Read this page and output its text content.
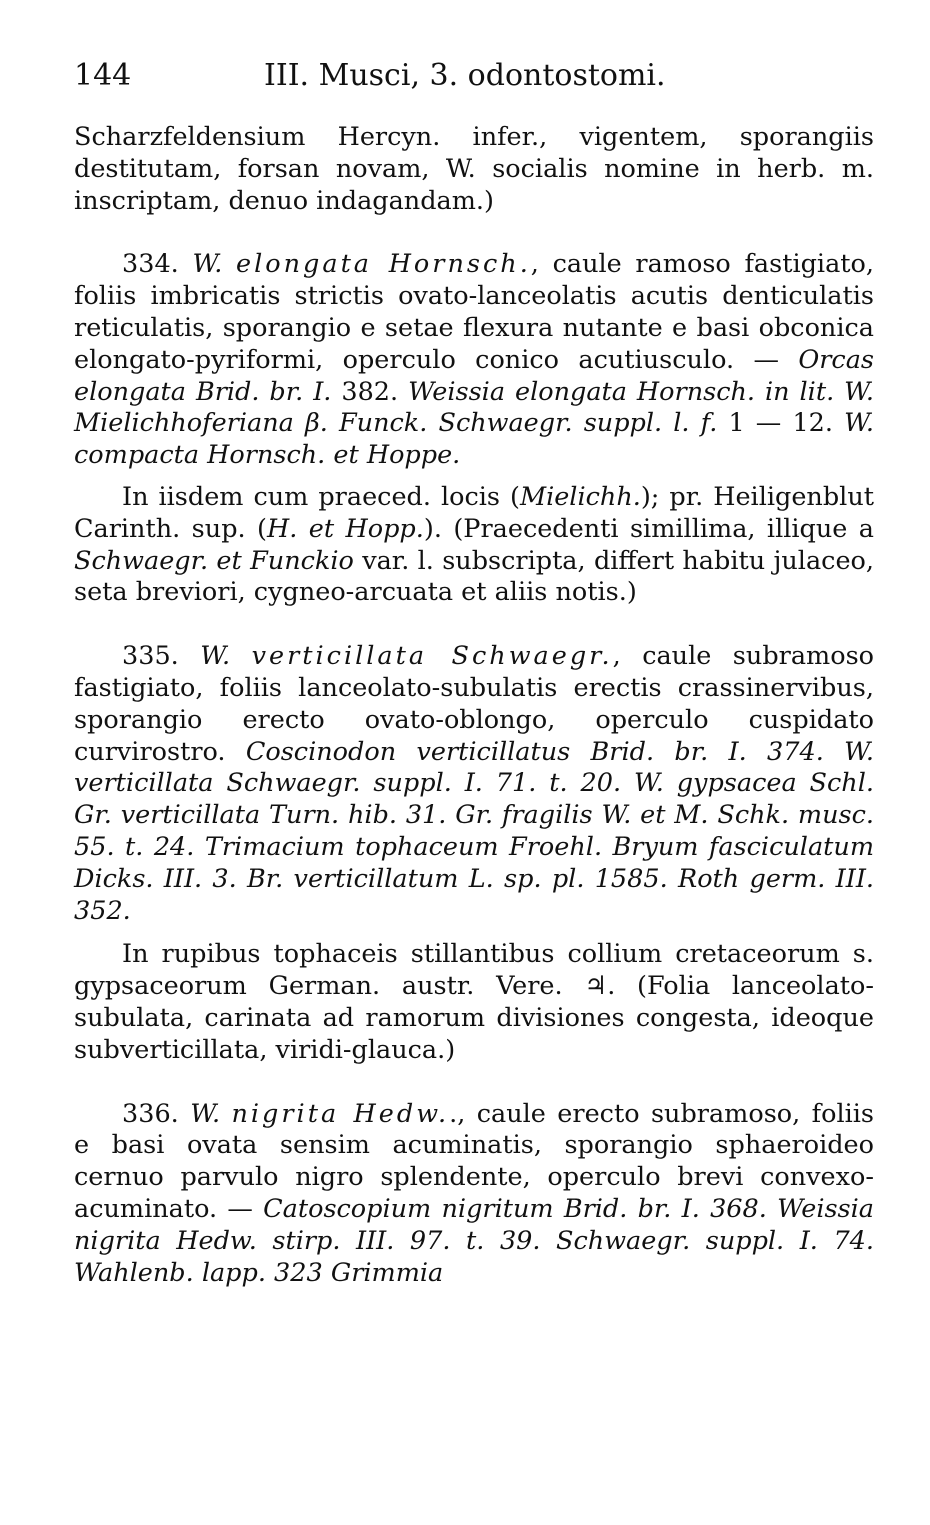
144	III. Musci, 3. odontostomi.

Scharzfeldensium Hercyn. infer., vigentem, sporangiis destitutam, forsan novam, W. socialis nomine in herb. m. inscriptam, denuo indagandam.)

334. W. elongata Hornsch., caule ramoso fastigiato, foliis imbricatis strictis ovato-lanceolatis acutis denticulatis reticulatis, sporangio e setae flexura nutante e basi obconica elongato-pyriformi, operculo conico acutiusculo. — Orcas elongata Brid. br. I. 382. Weissia elongata Hornsch. in lit. W. Mielichhoferiana β. Funck. Schwaegr. suppl. l. f. 1 — 12. W. compacta Hornsch. et Hoppe.

In iisdem cum praeced. locis (Mielichh.); pr. Heiligenblut Carinth. sup. (H. et Hopp.). (Praecedenti simillima, illique a Schwaegr. et Funckio var. l. subscripta, differt habitu julaceo, seta breviori, cygneo-arcuata et aliis notis.)

335. W. verticillata Schwaegr., caule subramoso fastigiato, foliis lanceolato-subulatis erectis crassinervibus, sporangio erecto ovato-oblongo, operculo cuspidato curvirostro. Coscinodon verticillatus Brid. br. I. 374. W. verticillata Schwaegr. suppl. I. 71. t. 20. W. gypsacea Schl. Gr. verticillata Turn. hib. 31. Gr. fragilis W. et M. Schk. musc. 55. t. 24. Trimacium tophaceum Froehl. Bryum fasciculatum Dicks. III. 3. Br. verticillatum L. sp. pl. 1585. Roth germ. III. 352.

In rupibus tophaceis stillantibus collium cretaceorum s. gypsaceorum German. austr. Vere. ♃. (Folia lanceolato-subulata, carinata ad ramorum divisiones congesta, ideoque subverticillata, viridi-glauca.)

336. W. nigrita Hedw.., caule erecto subramoso, foliis e basi ovata sensim acuminatis, sporangio sphaeroideo cernuo parvulo nigro splendente, operculo brevi convexo-acuminato. — Catoscopium nigritum Brid. br. I. 368. Weissia nigrita Hedw. stirp. III. 97. t. 39. Schwaegr. suppl. I. 74. Wahlenb. lapp. 323 Grimmia
